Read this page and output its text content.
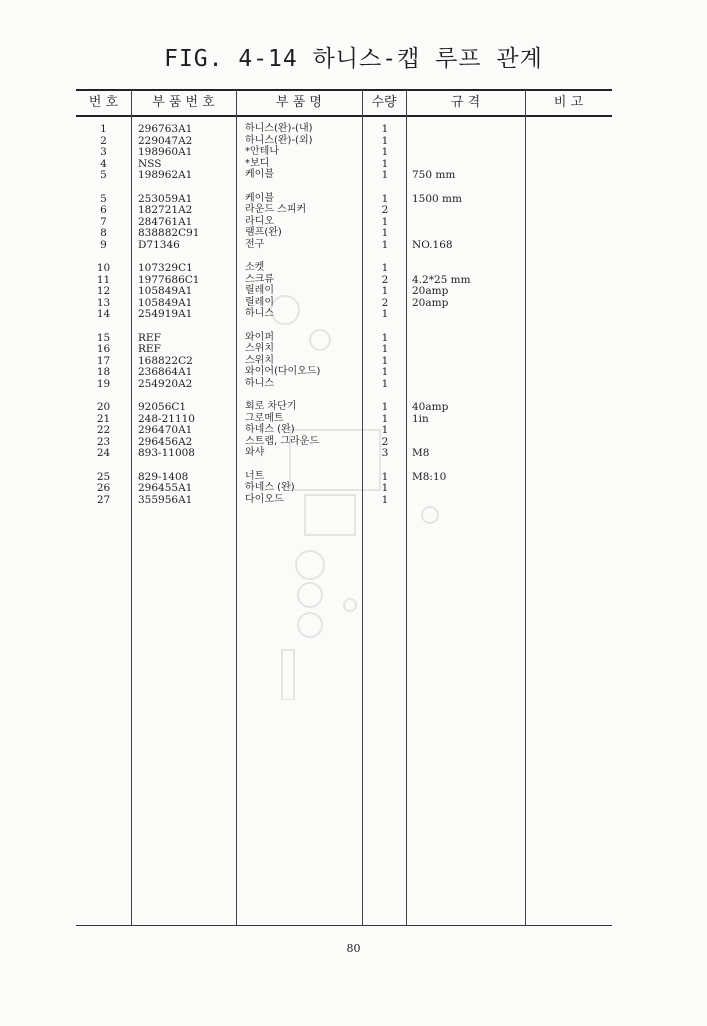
FIG. 4-14 하니스-캡 루프 관계
번 호	부 품 번 호	부 품 명	수량	규 격	비 고
1	296763A1	하니스(완)-(내)	1
2	229047A2	하니스(완)-(외)	1
3	198960A1	*안테나	1
4	NSS	*보디	1
5	198962A1	케이블	1	750 mm
5	253059A1	케이블	1	1500 mm
6	182721A2	라운드 스피커	2
7	284761A1	라디오	1
8	838882C91	램프(완)	1
9	D71346	전구	1	NO.168
10	107329C1	소켓	1
11	1977686C1	스크류	2	4.2*25 mm
12	105849A1	릴레이	1	20amp
13	105849A1	릴레이	2	20amp
14	254919A1	하니스	1
15	REF	와이퍼	1
16	REF	스위치	1
17	168822C2	스위치	1
18	236864A1	와이어(다이오드)	1
19	254920A2	하니스	1
20	92056C1	회로 차단기	1	40amp
21	248-21110	그로메트	1	1in
22	296470A1	하네스 (완)	1
23	296456A2	스트랩, 그라운드	2
24	893-11008	와샤	3	M8
25	829-1408	너트	1	M8:10
26	296455A1	하네스 (완)	1
27	355956A1	다이오드	1
80
